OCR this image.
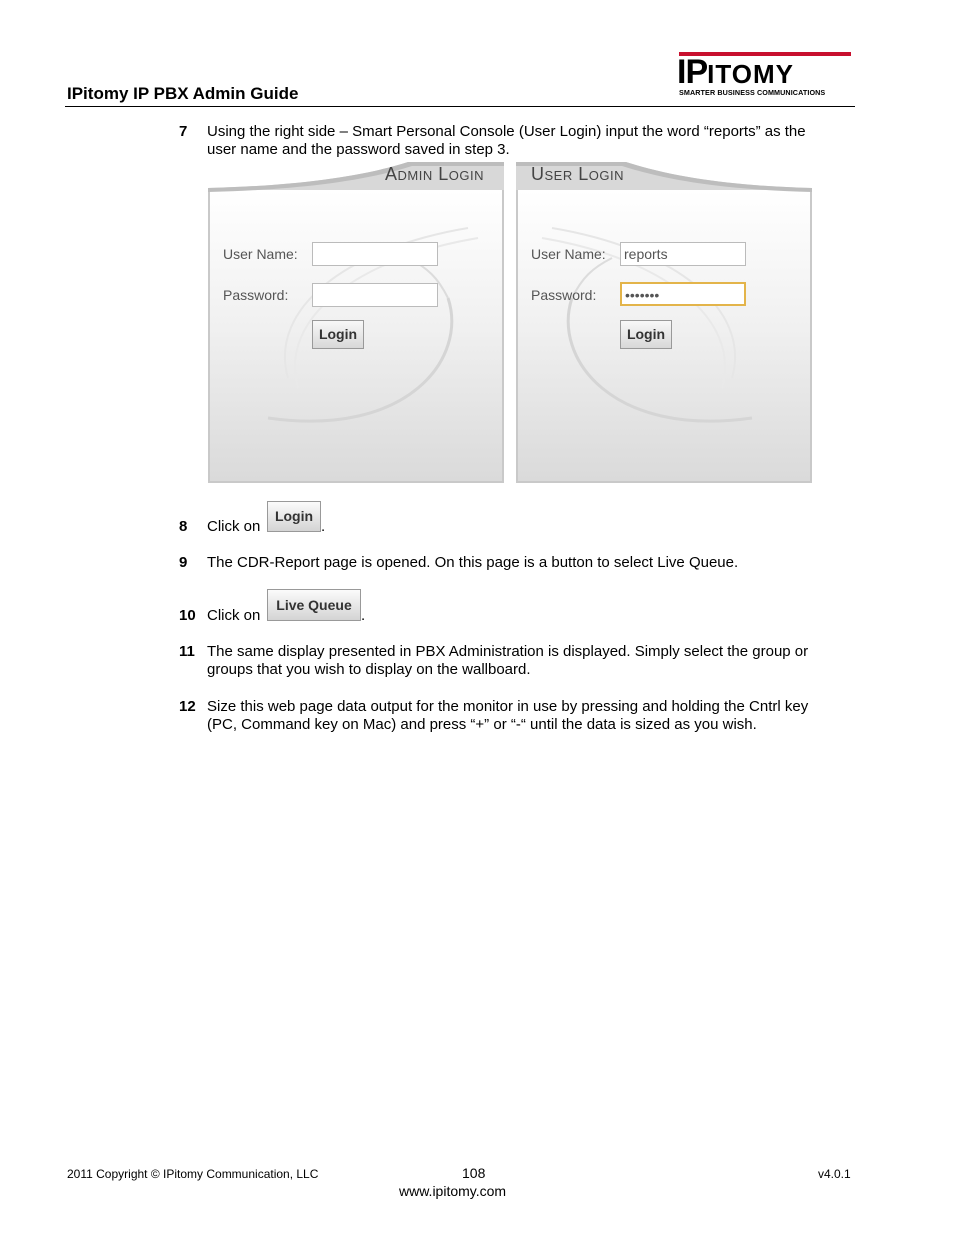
IPitomy IP PBX Admin Guide
IPITOMY
SMARTER BUSINESS COMMUNICATIONS
7 Using the right side – Smart Personal Console (User Login) input the word “reports” as the user name and the password saved in step 3.
Admin Login
User Name:
Password:
Login
User Login
User Name: reports
Password:	•••••••
Login
8 Click on
Login
.
9 The CDR-Report page is opened. On this page is a button to select Live Queue.
10 Click on
Live Queue
.
11 The same display presented in PBX Administration is displayed. Simply select the group or groups that you wish to display on the wallboard.
12 Size this web page data output for the monitor in use by pressing and holding the Cntrl key (PC, Command key on Mac) and press “+” or “-“ until the data is sized as you wish.
2011 Copyright © IPitomy Communication, LLC	108
www.ipitomy.com
v4.0.1
